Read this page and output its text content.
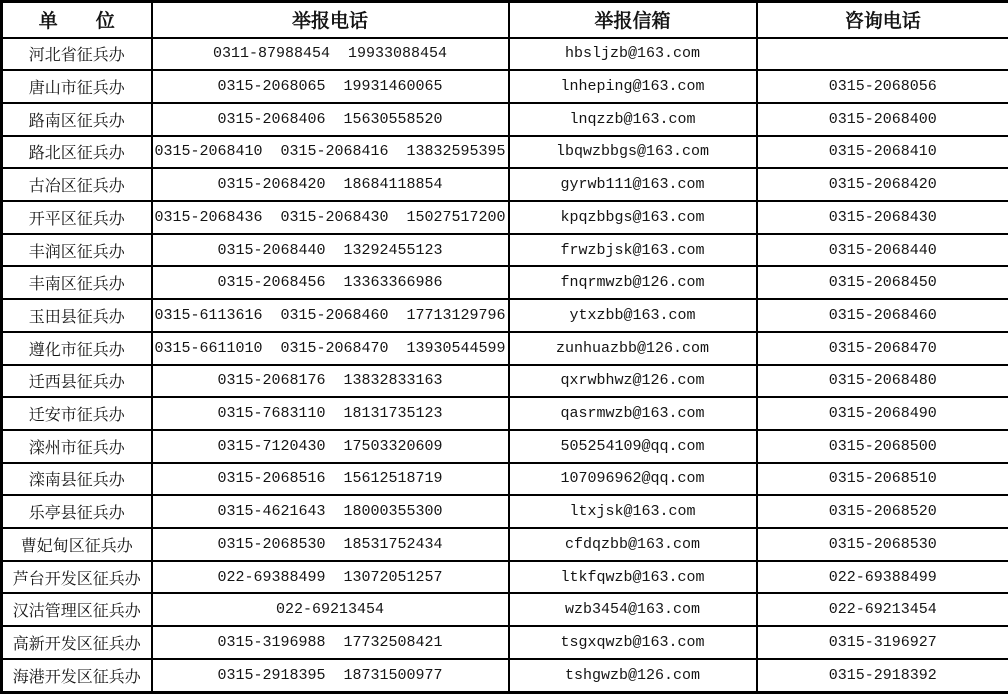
单　　位	举报电话	举报信箱	咨询电话
河北省征兵办	0311-87988454  19933088454	hbsljzb@163.com	
唐山市征兵办	0315-2068065  19931460065	lnheping@163.com	0315-2068056
路南区征兵办	0315-2068406  15630558520	lnqzzb@163.com	0315-2068400
路北区征兵办	0315-2068410  0315-2068416  13832595395	lbqwzbbgs@163.com	0315-2068410
古冶区征兵办	0315-2068420  18684118854	gyrwb111@163.com	0315-2068420
开平区征兵办	0315-2068436  0315-2068430  15027517200	kpqzbbgs@163.com	0315-2068430
丰润区征兵办	0315-2068440  13292455123	frwzbjsk@163.com	0315-2068440
丰南区征兵办	0315-2068456  13363366986	fnqrmwzb@126.com	0315-2068450
玉田县征兵办	0315-6113616  0315-2068460  17713129796	ytxzbb@163.com	0315-2068460
遵化市征兵办	0315-6611010  0315-2068470  13930544599	zunhuazbb@126.com	0315-2068470
迁西县征兵办	0315-2068176  13832833163	qxrwbhwz@126.com	0315-2068480
迁安市征兵办	0315-7683110  18131735123	qasrmwzb@163.com	0315-2068490
滦州市征兵办	0315-7120430  17503320609	505254109@qq.com	0315-2068500
滦南县征兵办	0315-2068516  15612518719	107096962@qq.com	0315-2068510
乐亭县征兵办	0315-4621643  18000355300	ltxjsk@163.com	0315-2068520
曹妃甸区征兵办	0315-2068530  18531752434	cfdqzbb@163.com	0315-2068530
芦台开发区征兵办	022-69388499  13072051257	ltkfqwzb@163.com	022-69388499
汉沽管理区征兵办	022-69213454	wzb3454@163.com	022-69213454
高新开发区征兵办	0315-3196988  17732508421	tsgxqwzb@163.com	0315-3196927
海港开发区征兵办	0315-2918395  18731500977	tshgwzb@126.com	0315-2918392
